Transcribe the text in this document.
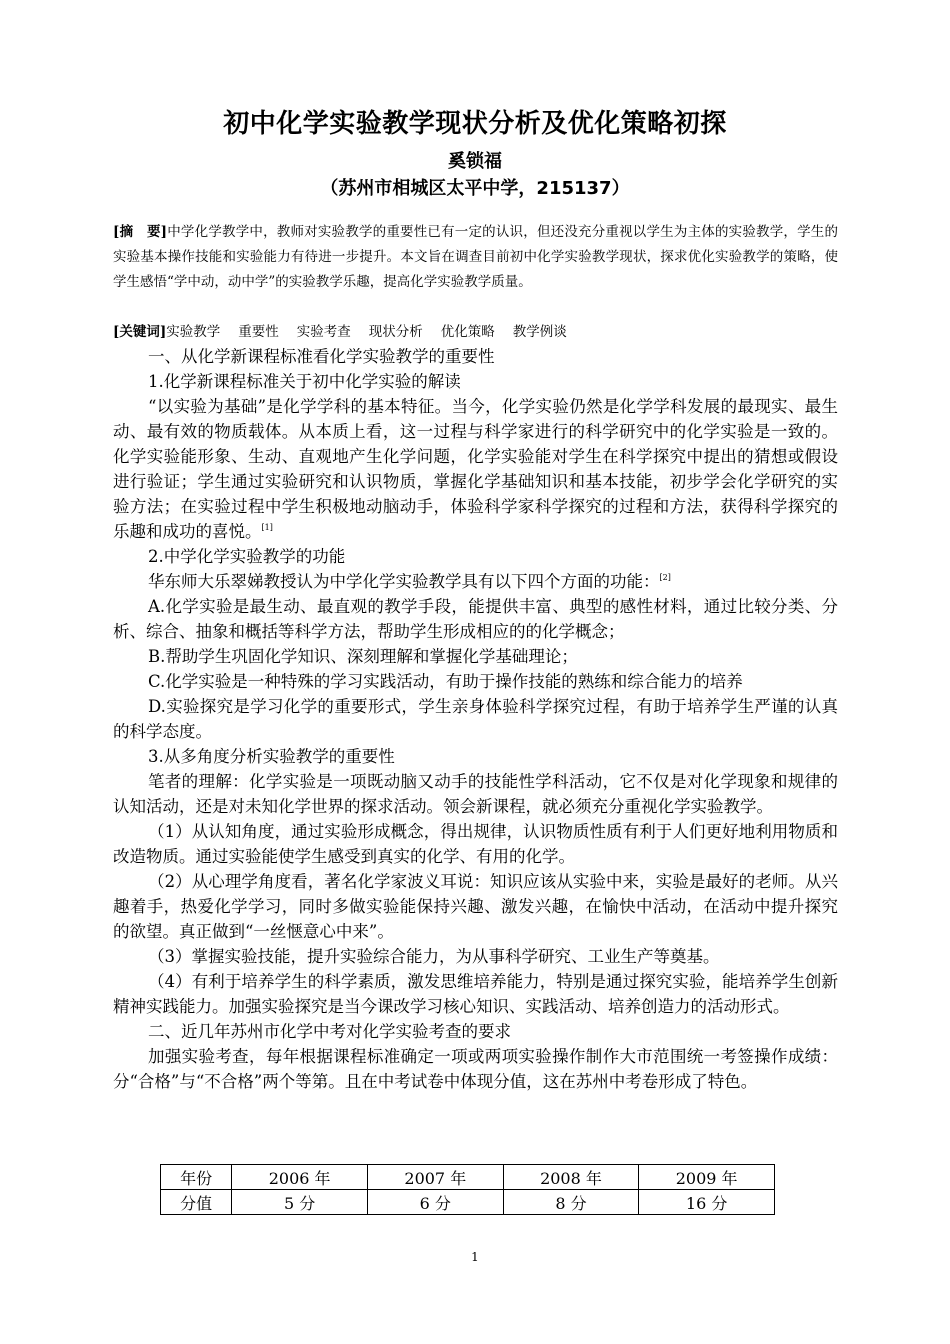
初中化学实验教学现状分析及优化策略初探
奚锁福
（苏州市相城区太平中学，215137）
[摘　要]中学化学教学中，教师对实验教学的重要性已有一定的认识，但还没充分重视以学生为主体的实验教学，学生的实验基本操作技能和实验能力有待进一步提升。本文旨在调查目前初中化学实验教学现状，探求优化实验教学的策略，使学生感悟“学中动，动中学”的实验教学乐趣，提高化学实验教学质量。
[关键词]实验教学 重要性 实验考查 现状分析 优化策略 教学例谈

一、从化学新课程标准看化学实验教学的重要性

1.化学新课程标准关于初中化学实验的解读

“以实验为基础”是化学学科的基本特征。当今，化学实验仍然是化学学科发展的最现实、最生动、最有效的物质载体。从本质上看，这一过程与科学家进行的科学研究中的化学实验是一致的。化学实验能形象、生动、直观地产生化学问题，化学实验能对学生在科学探究中提出的猜想或假设进行验证；学生通过实验研究和认识物质，掌握化学基础知识和基本技能，初步学会化学研究的实验方法；在实验过程中学生积极地动脑动手，体验科学家科学探究的过程和方法，获得科学探究的乐趣和成功的喜悦。[1]

2.中学化学实验教学的功能

华东师大乐翠娣教授认为中学化学实验教学具有以下四个方面的功能：[2]

A.化学实验是最生动、最直观的教学手段，能提供丰富、典型的感性材料，通过比较分类、分析、综合、抽象和概括等科学方法，帮助学生形成相应的的化学概念；

B.帮助学生巩固化学知识、深刻理解和掌握化学基础理论；

C.化学实验是一种特殊的学习实践活动，有助于操作技能的熟练和综合能力的培养

D.实验探究是学习化学的重要形式，学生亲身体验科学探究过程，有助于培养学生严谨的认真的科学态度。

3.从多角度分析实验教学的重要性

笔者的理解：化学实验是一项既动脑又动手的技能性学科活动，它不仅是对化学现象和规律的认知活动，还是对未知化学世界的探求活动。领会新课程，就必须充分重视化学实验教学。

（1）从认知角度，通过实验形成概念，得出规律，认识物质性质有利于人们更好地利用物质和改造物质。通过实验能使学生感受到真实的化学、有用的化学。

（2）从心理学角度看，著名化学家波义耳说：知识应该从实验中来，实验是最好的老师。从兴趣着手，热爱化学学习，同时多做实验能保持兴趣、激发兴趣，在愉快中活动，在活动中提升探究的欲望。真正做到“一丝惬意心中来”。

（3）掌握实验技能，提升实验综合能力，为从事科学研究、工业生产等奠基。

（4）有利于培养学生的科学素质，激发思维培养能力，特别是通过探究实验，能培养学生创新精神实践能力。加强实验探究是当今课改学习核心知识、实践活动、培养创造力的活动形式。

二、近几年苏州市化学中考对化学实验考查的要求

加强实验考查，每年根据课程标准确定一项或两项实验操作制作大市范围统一考签操作成绩：分“合格”与“不合格”两个等第。且在中考试卷中体现分值，这在苏州中考卷形成了特色。

年份	2006 年	2007 年	2008 年	2009 年
分值	5 分	6 分	8 分	16 分
1
